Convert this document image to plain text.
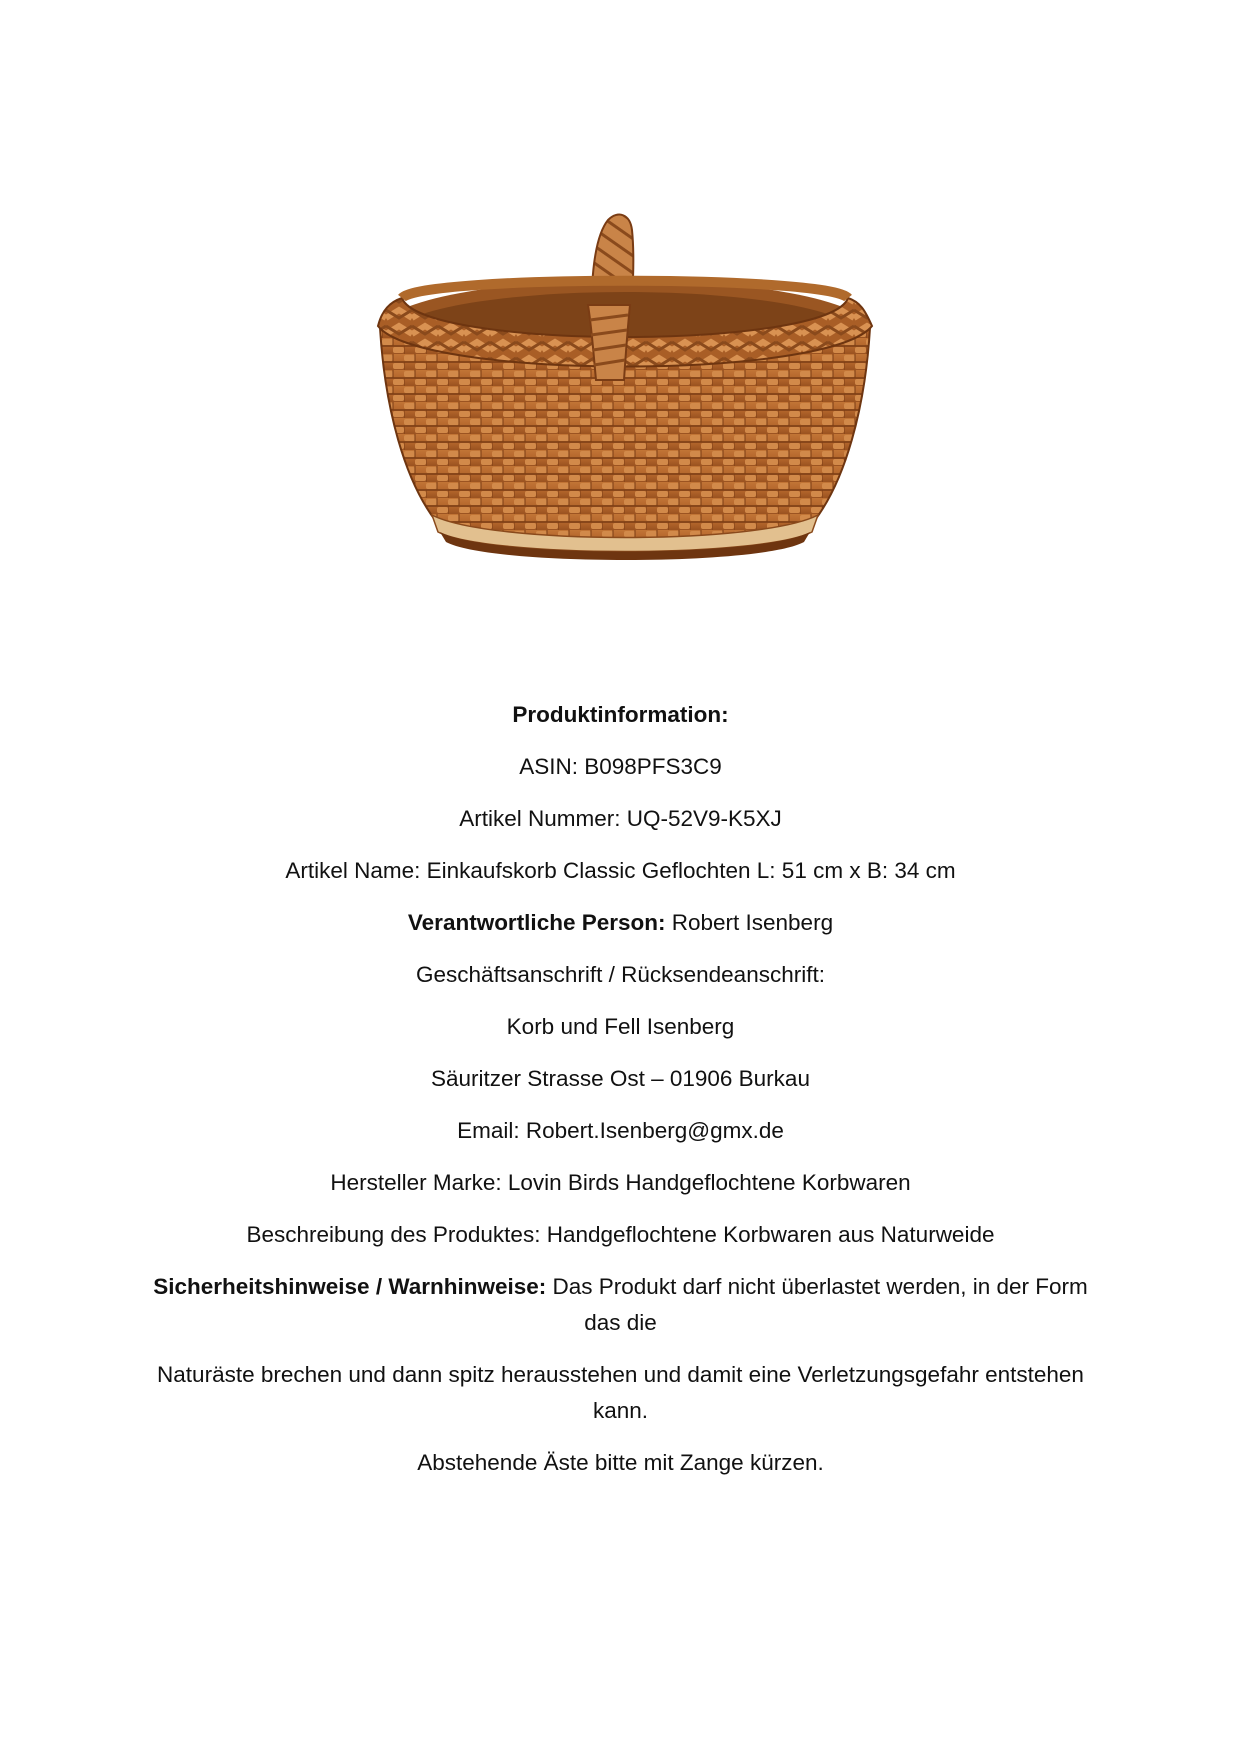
Produktinformation:

ASIN: B098PFS3C9

Artikel Nummer: UQ-52V9-K5XJ

Artikel Name: Einkaufskorb Classic Geflochten L: 51 cm x B: 34 cm

Verantwortliche Person: Robert Isenberg

Geschäftsanschrift / Rücksendeanschrift:

Korb und Fell Isenberg

Säuritzer Strasse Ost – 01906 Burkau

Email: Robert.Isenberg@gmx.de

Hersteller Marke: Lovin Birds Handgeflochtene Korbwaren

Beschreibung des Produktes: Handgeflochtene Korbwaren aus Naturweide

Sicherheitshinweise / Warnhinweise: Das Produkt darf nicht überlastet werden, in der Form das die

Naturäste brechen und dann spitz herausstehen und damit eine Verletzungsgefahr entstehen kann.

Abstehende Äste bitte mit Zange kürzen.
